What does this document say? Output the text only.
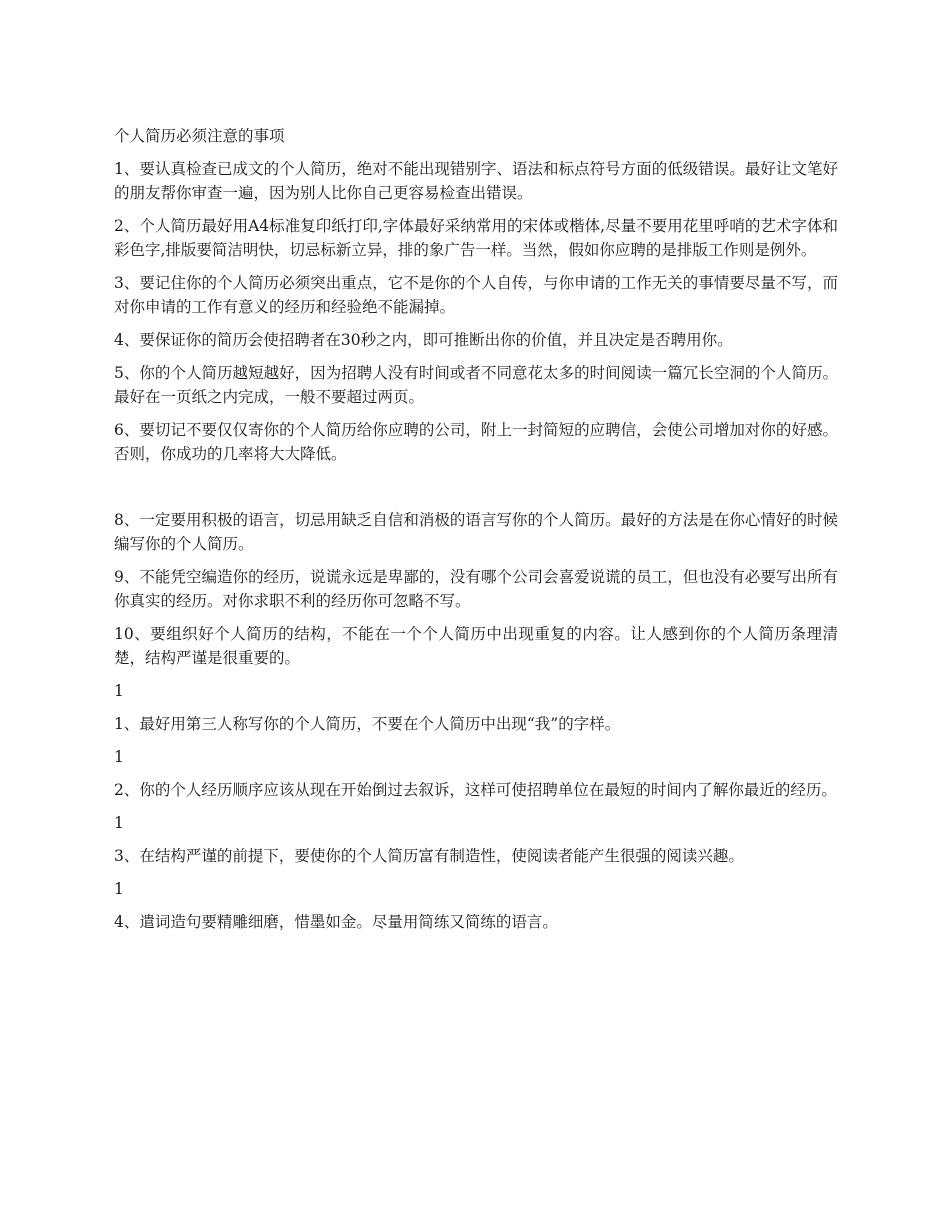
个人简历必须注意的事项

1、要认真检查已成文的个人简历，绝对不能出现错别字、语法和标点符号方面的低级错误。最好让文笔好的朋友帮你审查一遍，因为别人比你自己更容易检查出错误。

2、个人简历最好用A4标准复印纸打印,字体最好采纳常用的宋体或楷体,尽量不要用花里呼哨的艺术字体和彩色字,排版要简洁明快，切忌标新立异，排的象广告一样。当然，假如你应聘的是排版工作则是例外。

3、要记住你的个人简历必须突出重点，它不是你的个人自传，与你申请的工作无关的事情要尽量不写，而对你申请的工作有意义的经历和经验绝不能漏掉。

4、要保证你的简历会使招聘者在30秒之内，即可推断出你的价值，并且决定是否聘用你。

5、你的个人简历越短越好，因为招聘人没有时间或者不同意花太多的时间阅读一篇冗长空洞的个人简历。最好在一页纸之内完成，一般不要超过两页。

6、要切记不要仅仅寄你的个人简历给你应聘的公司，附上一封简短的应聘信，会使公司增加对你的好感。否则，你成功的几率将大大降低。

8、一定要用积极的语言，切忌用缺乏自信和消极的语言写你的个人简历。最好的方法是在你心情好的时候编写你的个人简历。

9、不能凭空编造你的经历，说谎永远是卑鄙的，没有哪个公司会喜爱说谎的员工，但也没有必要写出所有你真实的经历。对你求职不利的经历你可忽略不写。

10、要组织好个人简历的结构，不能在一个个人简历中出现重复的内容。让人感到你的个人简历条理清楚，结构严谨是很重要的。

1

1、最好用第三人称写你的个人简历，不要在个人简历中出现“我”的字样。

1

2、你的个人经历顺序应该从现在开始倒过去叙诉，这样可使招聘单位在最短的时间内了解你最近的经历。

1

3、在结构严谨的前提下，要使你的个人简历富有制造性，使阅读者能产生很强的阅读兴趣。

1

4、遣词造句要精雕细磨，惜墨如金。尽量用简练又简练的语言。
